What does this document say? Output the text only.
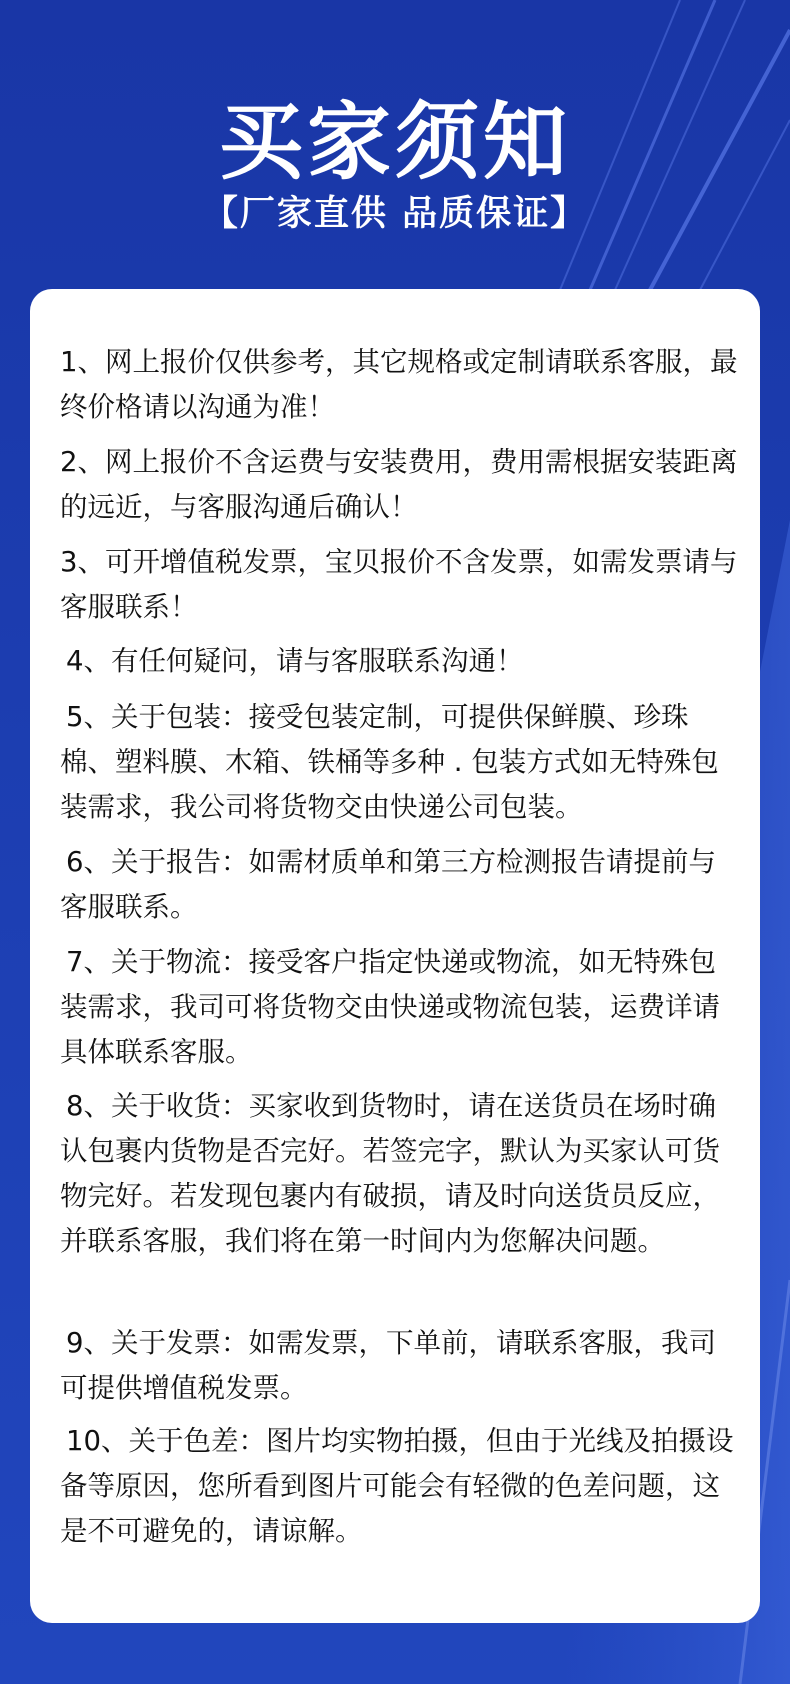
买家须知
【厂家直供 品质保证】
1、网上报价仅供参考，其它规格或定制请联系客服，最终价格请以沟通为准！
2、网上报价不含运费与安装费用，费用需根据安装距离的远近，与客服沟通后确认！
3、可开增值税发票，宝贝报价不含发票，如需发票请与客服联系！
4、有任何疑问，请与客服联系沟通！
5、关于包装：接受包装定制，可提供保鲜膜、珍珠棉、塑料膜、木箱、铁桶等多种 . 包装方式如无特殊包装需求，我公司将货物交由快递公司包装。
6、关于报告：如需材质单和第三方检测报告请提前与客服联系。
7、关于物流：接受客户指定快递或物流，如无特殊包装需求，我司可将货物交由快递或物流包装，运费详请具体联系客服。
8、关于收货：买家收到货物时，请在送货员在场时确认包裹内货物是否完好。若签完字，默认为买家认可货物完好。若发现包裹内有破损，请及时向送货员反应，并联系客服，我们将在第一时间内为您解决问题。
9、关于发票：如需发票，下单前，请联系客服，我司可提供增值税发票。
10、关于色差：图片均实物拍摄，但由于光线及拍摄设备等原因，您所看到图片可能会有轻微的色差问题，这是不可避免的，请谅解。
